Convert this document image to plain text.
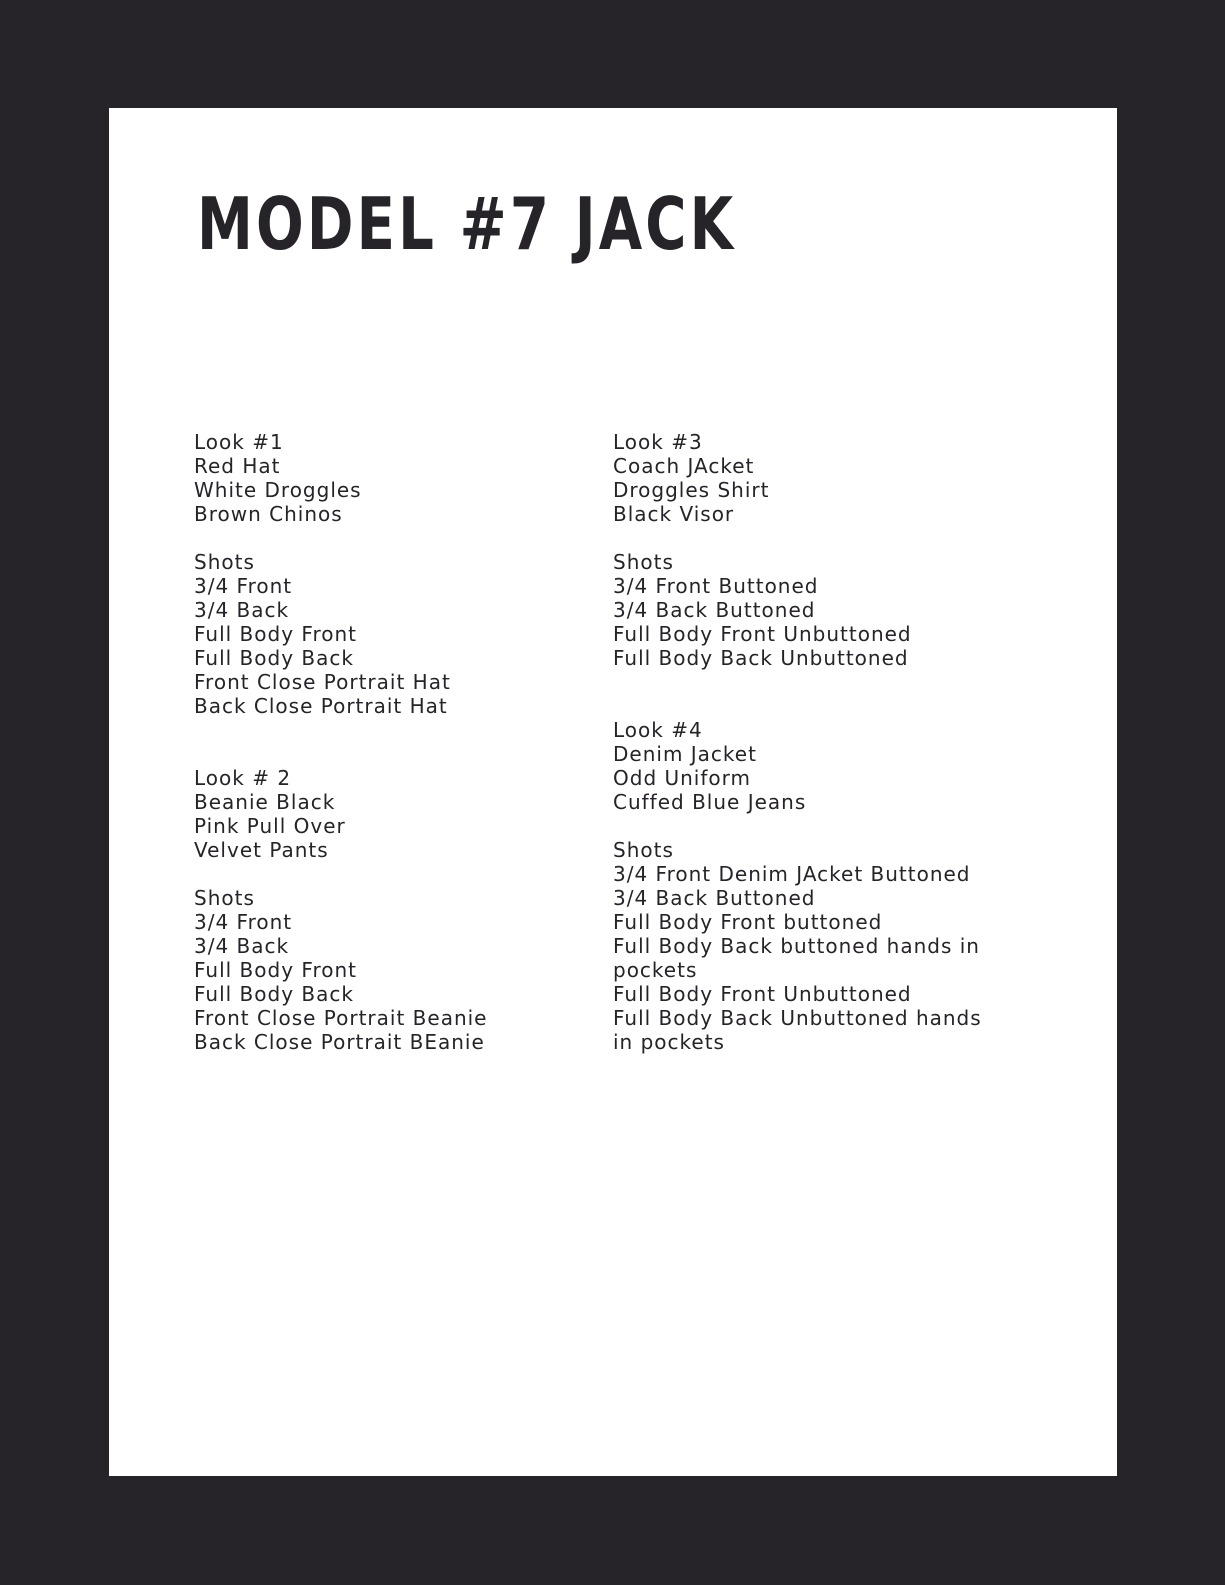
MODEL #7 JACK
Look #1
Red Hat
White Droggles
Brown Chinos
Shots
3/4 Front
3/4 Back
Full Body Front
Full Body Back
Front Close Portrait Hat
Back Close Portrait Hat
Look # 2
Beanie Black
Pink Pull Over
Velvet Pants
Shots
3/4 Front
3/4 Back
Full Body Front
Full Body Back
Front Close Portrait Beanie
Back Close Portrait BEanie
Look #3
Coach JAcket
Droggles Shirt
Black Visor
Shots
3/4 Front Buttoned
3/4 Back Buttoned
Full Body Front Unbuttoned
Full Body Back Unbuttoned
Look #4
Denim Jacket
Odd Uniform
Cuffed Blue Jeans
Shots
3/4 Front Denim JAcket Buttoned
3/4 Back Buttoned
Full Body Front buttoned
Full Body Back buttoned hands in pockets
Full Body Front Unbuttoned
Full Body Back Unbuttoned hands in pockets
